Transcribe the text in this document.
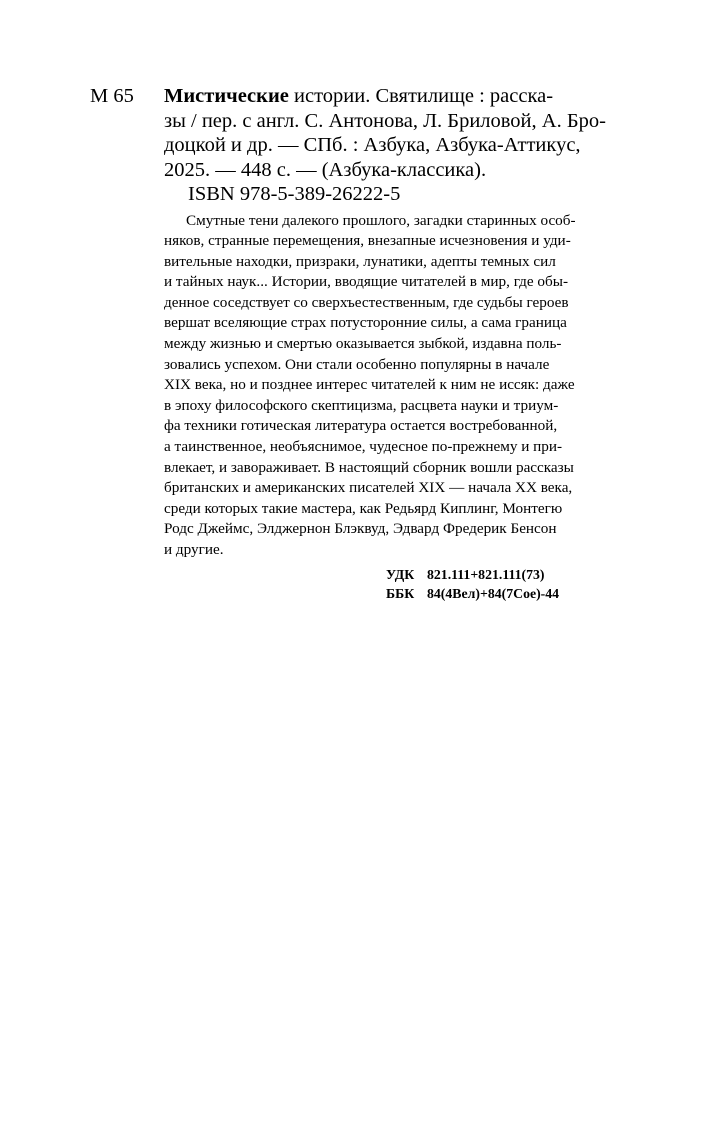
М 65 Мистические истории. Святилище : расска-
зы / пер. с англ. С. Антонова, Л. Бриловой, А. Бро-
доцкой и др. — СПб. : Азбука, Азбука-Аттикус,
2025. — 448 с. — (Азбука-классика).

ISBN 978-5-389-26222-5

Смутные тени далекого прошлого, загадки старинных особ-
няков, странные перемещения, внезапные исчезновения и уди-
вительные находки, призраки, лунатики, адепты темных сил
и тайных наук... Истории, вводящие читателей в мир, где обы-
денное соседствует со сверхъестественным, где судьбы героев
вершат вселяющие страх потусторонние силы, а сама граница
между жизнью и смертью оказывается зыбкой, издавна поль-
зовались успехом. Они стали особенно популярны в начале
XIX века, но и позднее интерес читателей к ним не иссяк: даже
в эпоху философского скептицизма, расцвета науки и триум-
фа техники готическая литература остается востребованной,
а таинственное, необъяснимое, чудесное по-прежнему и при-
влекает, и завораживает. В настоящий сборник вошли рассказы
британских и американских писателей XIX — начала XX века,
среди которых такие мастера, как Редьярд Киплинг, Монтегю
Родс Джеймс, Элджернон Блэквуд, Эдвард Фредерик Бенсон
и другие.
УДК 821.111+821.111(73)
ББК 84(4Вел)+84(7Сое)-44
